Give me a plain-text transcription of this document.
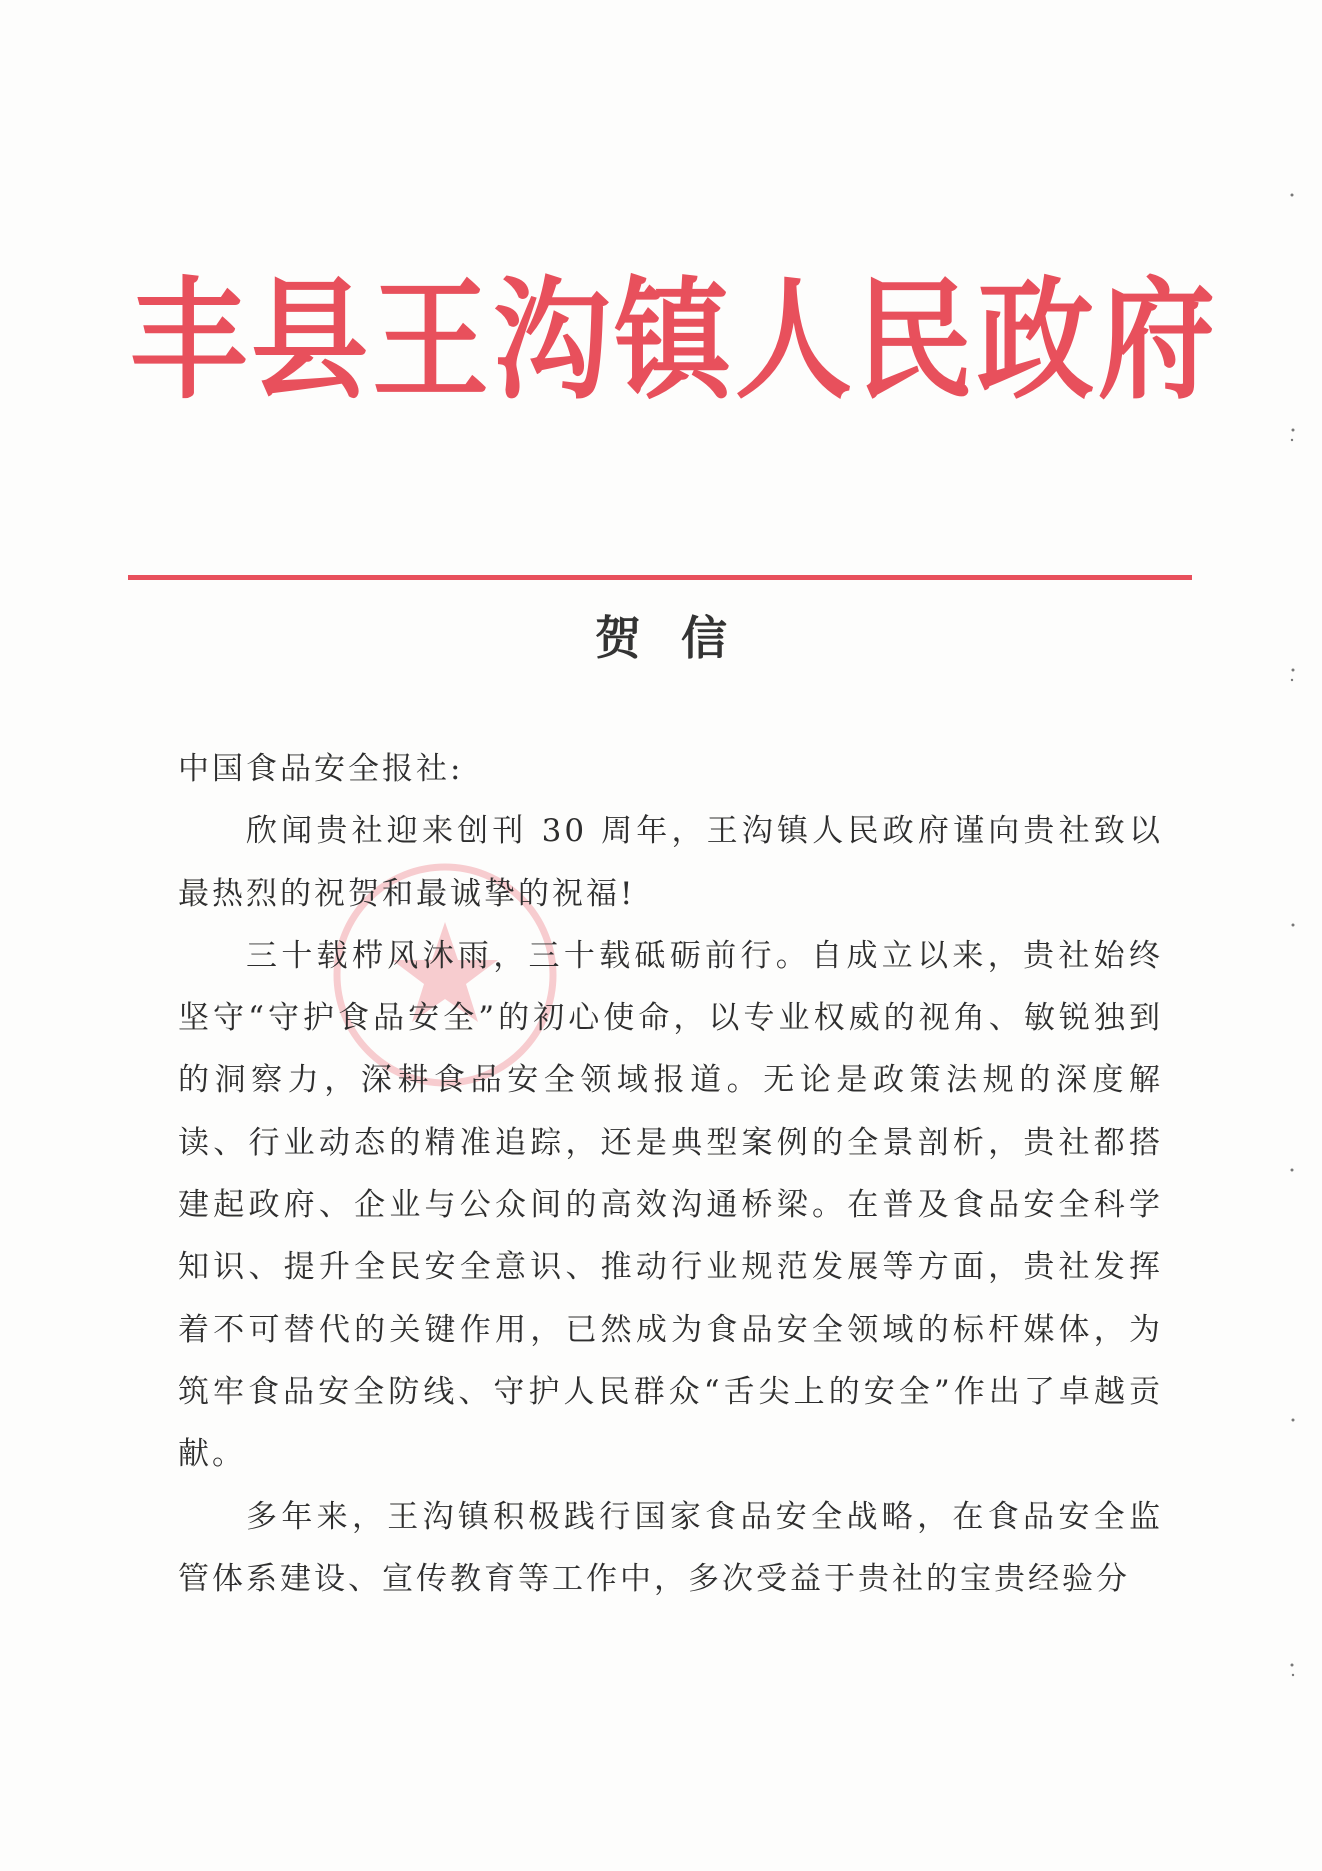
丰县王沟镇人民政府
贺信

中国食品安全报社:

欣闻贵社迎来创刊 30 周年，王沟镇人民政府谨向贵社致以最热烈的祝贺和最诚挚的祝福!

三十载栉风沐雨，三十载砥砺前行。自成立以来，贵社始终坚守“守护食品安全”的初心使命，以专业权威的视角、敏锐独到的洞察力，深耕食品安全领域报道。无论是政策法规的深度解读、行业动态的精准追踪，还是典型案例的全景剖析，贵社都搭建起政府、企业与公众间的高效沟通桥梁。在普及食品安全科学知识、提升全民安全意识、推动行业规范发展等方面，贵社发挥着不可替代的关键作用，已然成为食品安全领域的标杆媒体，为筑牢食品安全防线、守护人民群众“舌尖上的安全”作出了卓越贡献。

多年来，王沟镇积极践行国家食品安全战略，在食品安全监管体系建设、宣传教育等工作中，多次受益于贵社的宝贵经验分
